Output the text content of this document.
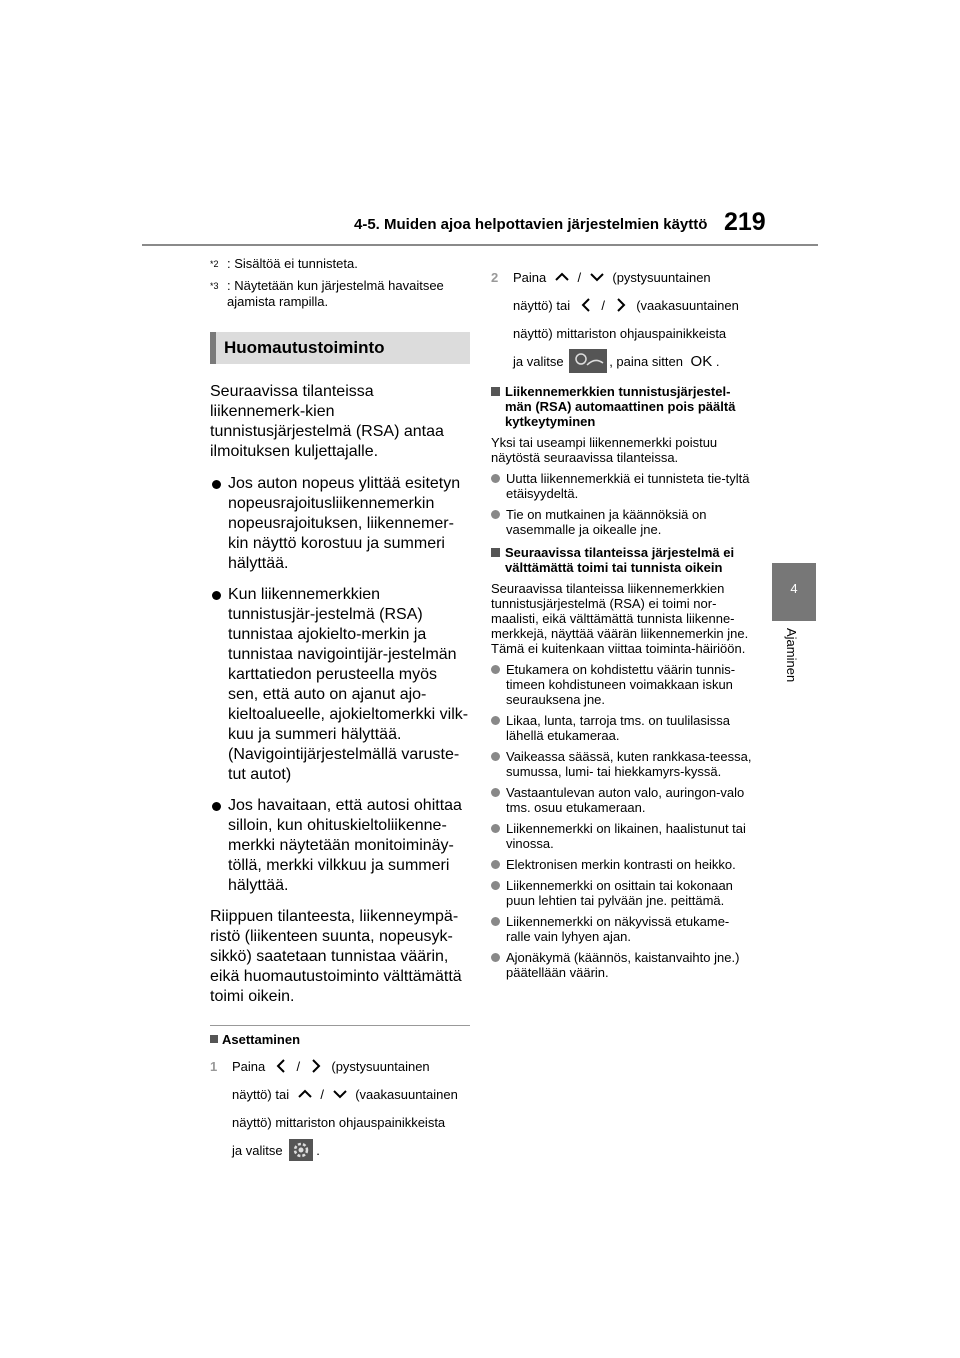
4-5. Muiden ajoa helpottavien järjestelmien käyttö 219
4
Ajaminen
$^{*2}$ : Sisältöä ei tunnisteta.
$^{*3}$ : Näytetään kun järjestelmä havaitsee ajamista rampilla.
Huomautustoiminto

Seuraavissa tilanteissa liikennemerk-kien tunnistusjärjestelmä (RSA) antaa ilmoituksen kuljettajalle.

Jos auton nopeus ylittää esitetyn nopeusrajoitusliikennemerkin nopeusrajoituksen, liikennemer-kin näyttö korostuu ja summeri hälyttää.
Kun liikennemerkkien tunnistusjär-jestelmä (RSA) tunnistaa ajokielto-merkin ja tunnistaa navigointijär-jestelmän karttatiedon perusteella myös sen, että auto on ajanut ajo-kieltoalueelle, ajokieltomerkki vilk-kuu ja summeri hälyttää. (Navigointijärjestelmällä varuste-tut autot)
Jos havaitaan, että autosi ohittaa silloin, kun ohituskieltoliikenne-merkki näytetään monitoiminäy-töllä, merkki vilkkuu ja summeri hälyttää.

Riippuen tilanteesta, liikenneympä-ristö (liikenteen suunta, nopeusyk-sikkö) saatetaan tunnistaa väärin, eikä huomautustoiminto välttämättä toimi oikein.

Asettaminen
1 Paina / (pystysuuntainen
näyttö) tai / (vaakasuuntainen
näyttö) mittariston ohjauspainikkeista
ja valitse	.
2 Paina / (pystysuuntainen
näyttö) tai / (vaakasuuntainen
näyttö) mittariston ohjauspainikkeista
ja valitse	, paina sitten OK .
Liikennemerkkien tunnistusjärjestel-män (RSA) automaattinen pois päältä kytkeytyminen

Yksi tai useampi liikennemerkki poistuu näytöstä seuraavissa tilanteissa.

Uutta liikennemerkkiä ei tunnisteta tie-tyltä etäisyydeltä.
Tie on mutkainen ja käännöksiä on vasemmalle ja oikealle jne.
Seuraavissa tilanteissa järjestelmä ei välttämättä toimi tai tunnista oikein

Seuraavissa tilanteissa liikennemerkkien tunnistusjärjestelmä (RSA) ei toimi nor-maalisti, eikä välttämättä tunnista liikenne-merkkejä, näyttää väärän liikennemerkin jne. Tämä ei kuitenkaan viittaa toiminta-häiriöön.

Etukamera on kohdistettu väärin tunnis-timeen kohdistuneen voimakkaan iskun seurauksena jne.
Likaa, lunta, tarroja tms. on tuulilasissa lähellä etukameraa.
Vaikeassa säässä, kuten rankkasa-teessa, sumussa, lumi- tai hiekkamyrs-kyssä.
Vastaantulevan auton valo, auringon-valo tms. osuu etukameraan.
Liikennemerkki on likainen, haalistunut tai vinossa.
Elektronisen merkin kontrasti on heikko.
Liikennemerkki on osittain tai kokonaan puun lehtien tai pylvään jne. peittämä.
Liikennemerkki on näkyvissä etukame-ralle vain lyhyen ajan.
Ajonäkymä (käännös, kaistanvaihto jne.) päätellään väärin.
